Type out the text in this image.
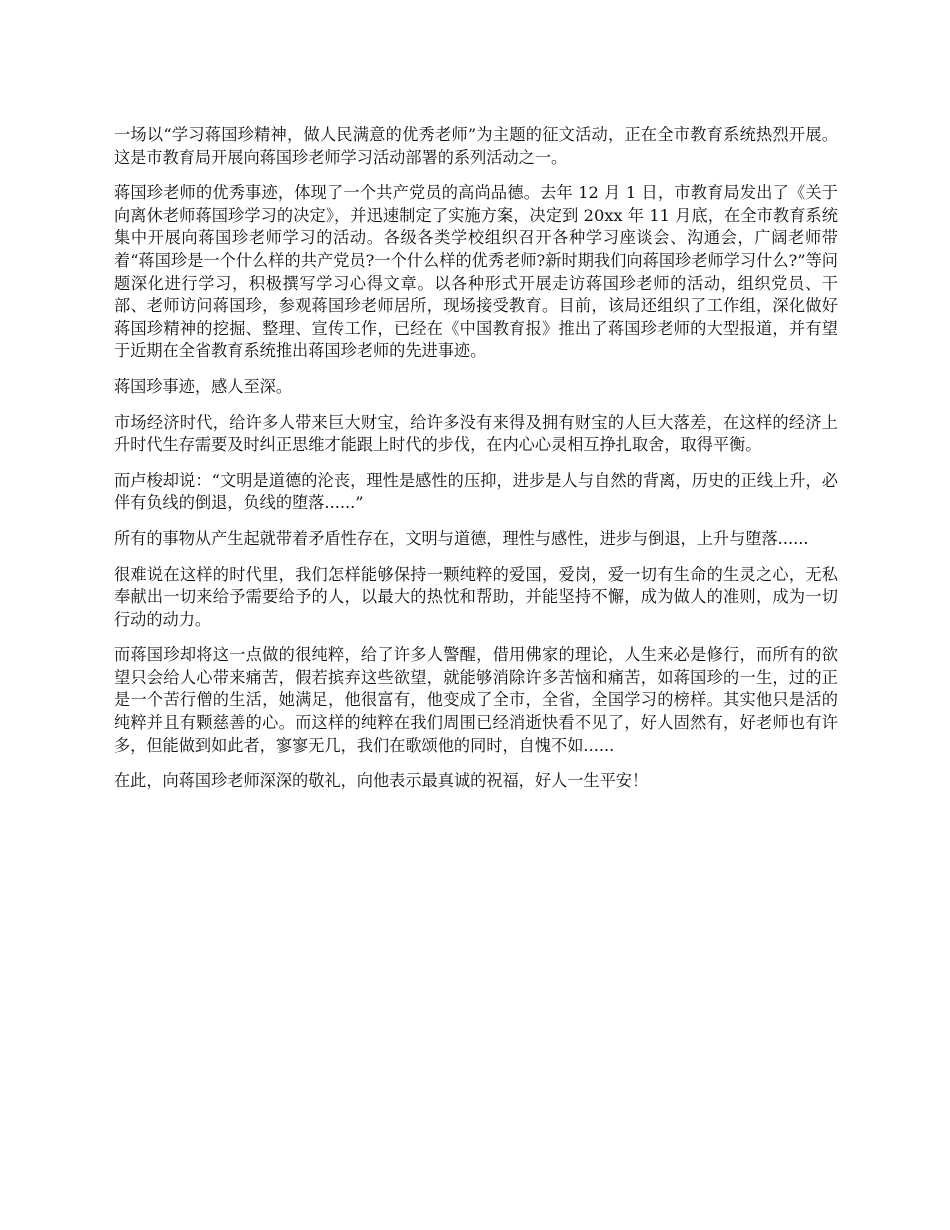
一场以“学习蒋国珍精神，做人民满意的优秀老师”为主题的征文活动，正在全市教育系统热烈开展。这是市教育局开展向蒋国珍老师学习活动部署的系列活动之一。

蒋国珍老师的优秀事迹，体现了一个共产党员的高尚品德。去年 12 月 1 日，市教育局发出了《关于向离休老师蒋国珍学习的决定》，并迅速制定了实施方案，决定到 20xx 年 11 月底，在全市教育系统集中开展向蒋国珍老师学习的活动。各级各类学校组织召开各种学习座谈会、沟通会，广阔老师带着“蒋国珍是一个什么样的共产党员?一个什么样的优秀老师?新时期我们向蒋国珍老师学习什么?”等问题深化进行学习，积极撰写学习心得文章。以各种形式开展走访蒋国珍老师的活动，组织党员、干部、老师访问蒋国珍，参观蒋国珍老师居所，现场接受教育。目前，该局还组织了工作组，深化做好蒋国珍精神的挖掘、整理、宣传工作，已经在《中国教育报》推出了蒋国珍老师的大型报道，并有望于近期在全省教育系统推出蒋国珍老师的先进事迹。

蒋国珍事迹，感人至深。

市场经济时代，给许多人带来巨大财宝，给许多没有来得及拥有财宝的人巨大落差，在这样的经济上升时代生存需要及时纠正思维才能跟上时代的步伐，在内心心灵相互挣扎取舍，取得平衡。

而卢梭却说：“文明是道德的沦丧，理性是感性的压抑，进步是人与自然的背离，历史的正线上升，必伴有负线的倒退，负线的堕落......”

所有的事物从产生起就带着矛盾性存在，文明与道德，理性与感性，进步与倒退，上升与堕落......

很难说在这样的时代里，我们怎样能够保持一颗纯粹的爱国，爱岗，爱一切有生命的生灵之心，无私奉献出一切来给予需要给予的人，以最大的热忱和帮助，并能坚持不懈，成为做人的准则，成为一切行动的动力。

而蒋国珍却将这一点做的很纯粹，给了许多人警醒，借用佛家的理论，人生来必是修行，而所有的欲望只会给人心带来痛苦，假若摈弃这些欲望，就能够消除许多苦恼和痛苦，如蒋国珍的一生，过的正是一个苦行僧的生活，她满足，他很富有，他变成了全市，全省，全国学习的榜样。其实他只是活的纯粹并且有颗慈善的心。而这样的纯粹在我们周围已经消逝快看不见了，好人固然有，好老师也有许多，但能做到如此者，寥寥无几，我们在歌颂他的同时，自愧不如......

在此，向蒋国珍老师深深的敬礼，向他表示最真诚的祝福，好人一生平安！
